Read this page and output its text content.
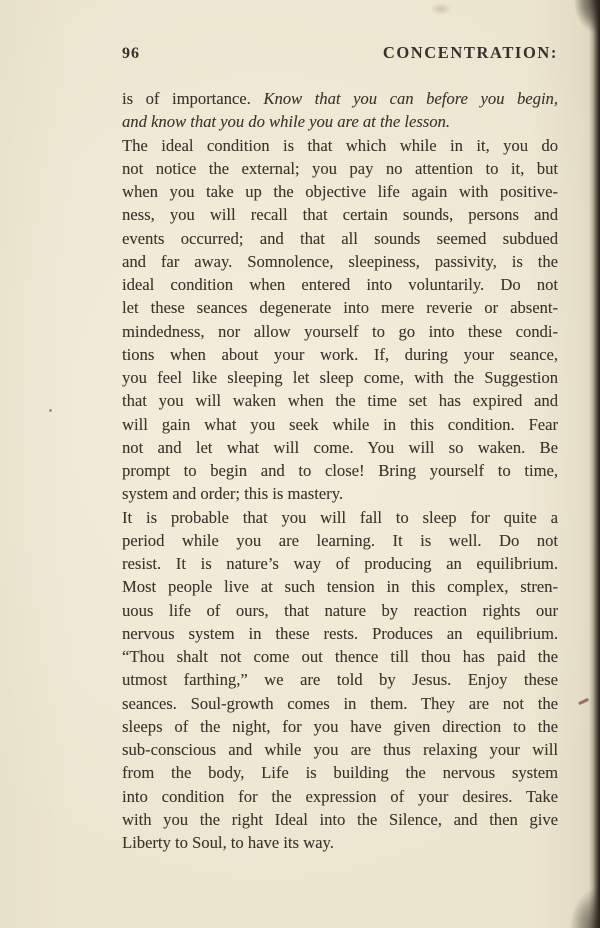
96	CONCENTRATION:
is of importance. Know that you can before you begin,
and know that you do while you are at the lesson.
The ideal condition is that which while in it, you do
not notice the external; you pay no attention to it, but
when you take up the objective life again with positive-
ness, you will recall that certain sounds, persons and
events occurred; and that all sounds seemed subdued
and far away. Somnolence, sleepiness, passivity, is the
ideal condition when entered into voluntarily. Do not
let these seances degenerate into mere reverie or absent-
mindedness, nor allow yourself to go into these condi-
tions when about your work. If, during your seance,
you feel like sleeping let sleep come, with the Suggestion
that you will waken when the time set has expired and
will gain what you seek while in this condition. Fear
not and let what will come. You will so waken. Be
prompt to begin and to close! Bring yourself to time,
system and order; this is mastery.
It is probable that you will fall to sleep for quite a
period while you are learning. It is well. Do not
resist. It is nature’s way of producing an equilibrium.
Most people live at such tension in this complex, stren-
uous life of ours, that nature by reaction rights our
nervous system in these rests. Produces an equilibrium.
“Thou shalt not come out thence till thou has paid the
utmost farthing,” we are told by Jesus. Enjoy these
seances. Soul-growth comes in them. They are not the
sleeps of the night, for you have given direction to the
sub-conscious and while you are thus relaxing your will
from the body, Life is building the nervous system
into condition for the expression of your desires. Take
with you the right Ideal into the Silence, and then give
Liberty to Soul, to have its way.
